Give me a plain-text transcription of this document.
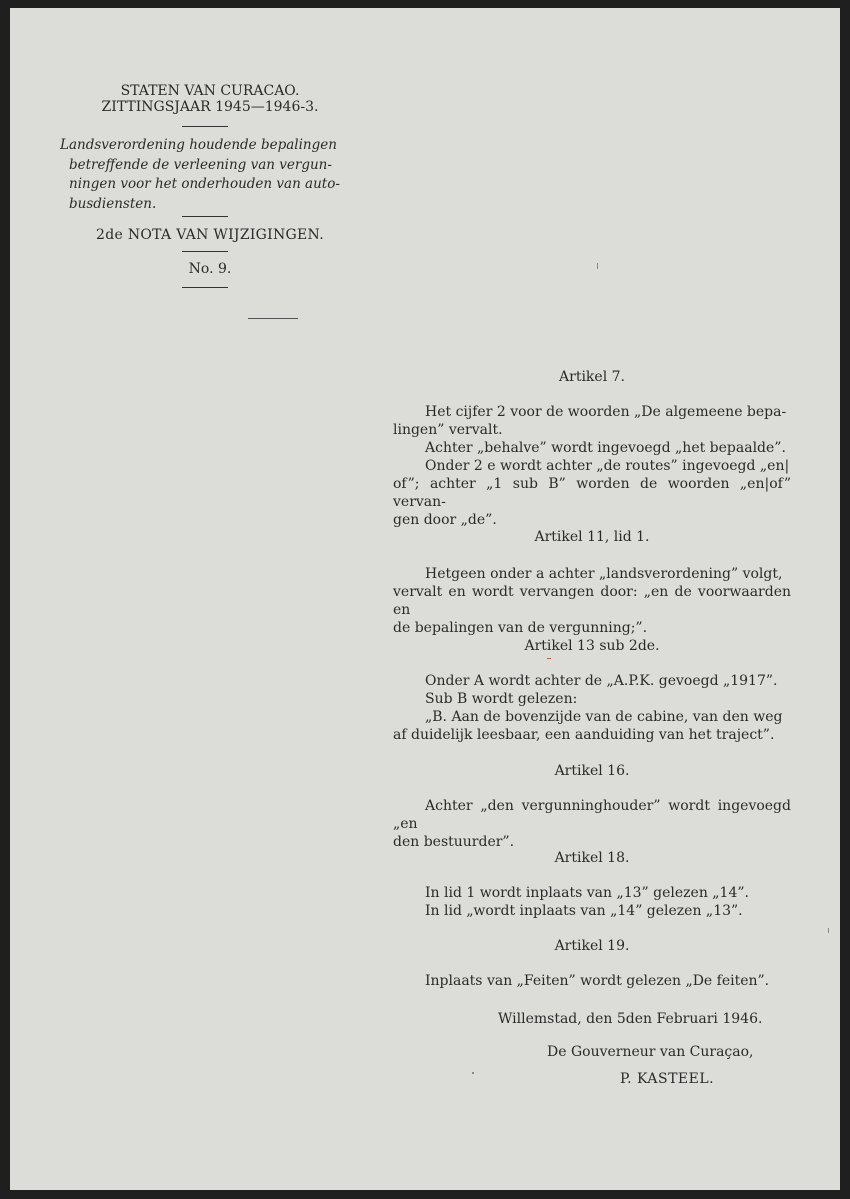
STATEN VAN CURACAO.
ZITTINGSJAAR 1945—1946-3.
Landsverordening houdende bepalingen
betreffende de verleening van vergun-
ningen voor het onderhouden van auto-
busdiensten.
2de NOTA VAN WIJZIGINGEN.
No. 9.
Artikel 7.
Het cijfer 2 voor de woorden „De algemeene bepa-
lingen” vervalt.
Achter „behalve” wordt ingevoegd „het bepaalde”.
Onder 2 e wordt achter „de routes” ingevoegd „en|
of”; achter „1 sub B” worden de woorden „en|of” vervan-
gen door „de”.
Artikel 11, lid 1.
Hetgeen onder a achter „landsverordening” volgt,
vervalt en wordt vervangen door: „en de voorwaarden en
de bepalingen van de vergunning;”.
Artikel 13 sub 2de.
Onder A wordt achter de „A.P.K. gevoegd „1917”.
Sub B wordt gelezen:
„B. Aan de bovenzijde van de cabine, van den weg
af duidelijk leesbaar, een aanduiding van het traject”.
Artikel 16.
Achter „den vergunninghouder” wordt ingevoegd „en
den bestuurder”.
Artikel 18.
In lid 1 wordt inplaats van „13” gelezen „14”.
In lid „wordt inplaats van „14” gelezen „13”.
Artikel 19.
Inplaats van „Feiten” wordt gelezen „De feiten”.
Willemstad, den 5den Februari 1946.
De Gouverneur van Curaçao,
P. KASTEEL.
